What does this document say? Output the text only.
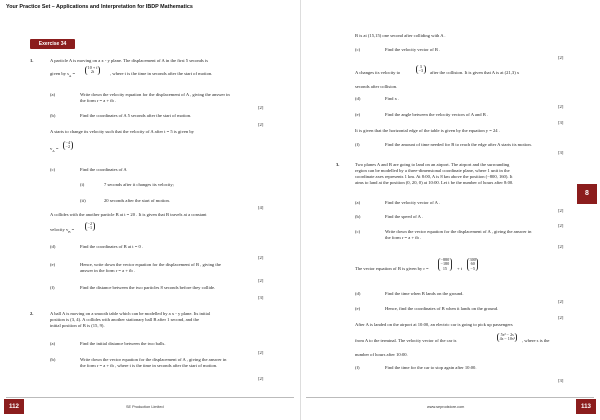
Your Practice Set – Applications and Interpretation for IBDP Mathematics
Exercise 34
1.	A particle A is moving on a x - y plane. The displacement of A in the first 5 seconds is
given by $s_A$ =
10 + t
2t	, where t is the time in seconds after the start of motion.
(a)	Write down the velocity equation for the displacement of A , giving the answer in
the form r = a + tb .
[2]
(b)	Find the coordinates of A 5 seconds after the start of motion.
[2]
A starts to change its velocity such that the velocity of A after t = 5 is given by
$v_A$ =
−4
−2
(c)	Find the coordinates of A
(i)	7 seconds after it changes its velocity;
(ii)	20 seconds after the start of motion.
[4]
A collides with the another particle B at t = 20 . It is given that B travels at a constant
velocity $v_B$ =
−2
−1
(d)	Find the coordinates of B at t = 0 .
[2]
(e)	Hence, write down the vector equation for the displacement of B , giving the
answer in the form r = a + tb .
[2]
(f)	Find the distance between the two particles 8 seconds before they collide.
[3]
2.	A ball A is moving on a smooth table which can be modelled by a x - y plane. Its initial
position is (3, 4). A collides with another stationary ball B after 1 second, and the
initial position of B is (15, 9).
(a)	Find the initial distance between the two balls.
[2]
(b)	Write down the vector equation for the displacement of A , giving the answer in
the form r = a + tb , where t is the time in seconds after the start of motion.
[2]
112	SE Production Limited
B is at (15,15) one second after colliding with A .
(c)	Find the velocity vector of B .
[2]
A changes its velocity to
3
−3 after the collision. It is given that A is at (21,3) x
seconds after collision.
(d)	Find x .
[2]
(e)	Find the angle between the velocity vectors of A and B .
[3]
It is given that the horizontal edge of the table is given by the equation y = 24 .
(f)	Find the amount of time needed for B to reach the edge after A starts its motion.
[3]
3.	Two planes A and B are going to land on an airport. The airport and the surrounding
region can be modelled by a three-dimensional coordinate plane, where 1 unit in the
coordinate axes represents 1 km. At 8:00, A is 8 km above the position (−800, 160). It
aims to land at the position (0, 20, 0) at 10:00. Let t be the number of hours after 8:00.
(a)	Find the velocity vector of A .
[2]
(b)	Find the speed of A .
[2]
(c)	Write down the vector equation for the displacement of A , giving the answer in
the form r = a + tb .
[2]
The vector equation of B is given by r =
−880
−180
15	+ t
300
60
−5
(d)	Find the time when B lands on the ground.
[2]
(e)	Hence, find the coordinates of B when it lands on the ground.
[2]
After A is landed on the airport at 10:00, an electric car is going to pick up passengers
from A to the terminal. The velocity vector of the car is
5s² − 2s
4s − 10s² , where s is the
number of hours after 10:00.
(f)	Find the time for the car to stop again after 10:00.
[3]
8
113
www.seprodstore.com
